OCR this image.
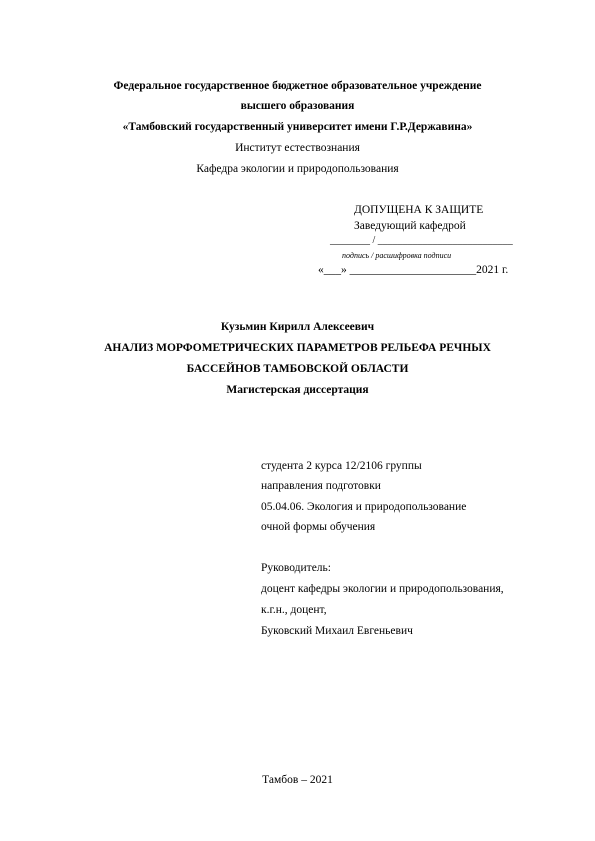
Федеральное государственное бюджетное образовательное учреждение
высшего образования
«Тамбовский государственный университет имени Г.Р.Державина»
Институт естествознания
Кафедра экологии и природопользования
ДОПУЩЕНА К ЗАЩИТЕ
Заведующий кафедрой
________ / ___________________________
подпись / расшифровка подписи
«___» ______________________2021 г.
Кузьмин Кирилл Алексеевич
АНАЛИЗ МОРФОМЕТРИЧЕСКИХ ПАРАМЕТРОВ РЕЛЬЕФА РЕЧНЫХ
БАССЕЙНОВ ТАМБОВСКОЙ ОБЛАСТИ
Магистерская диссертация
студента 2 курса 12/2106 группы
направления подготовки
05.04.06. Экология и природопользование
очной формы обучения
Руководитель:
доцент кафедры экологии и природопользования,
к.г.н., доцент,
Буковский Михаил Евгеньевич
Тамбов – 2021
